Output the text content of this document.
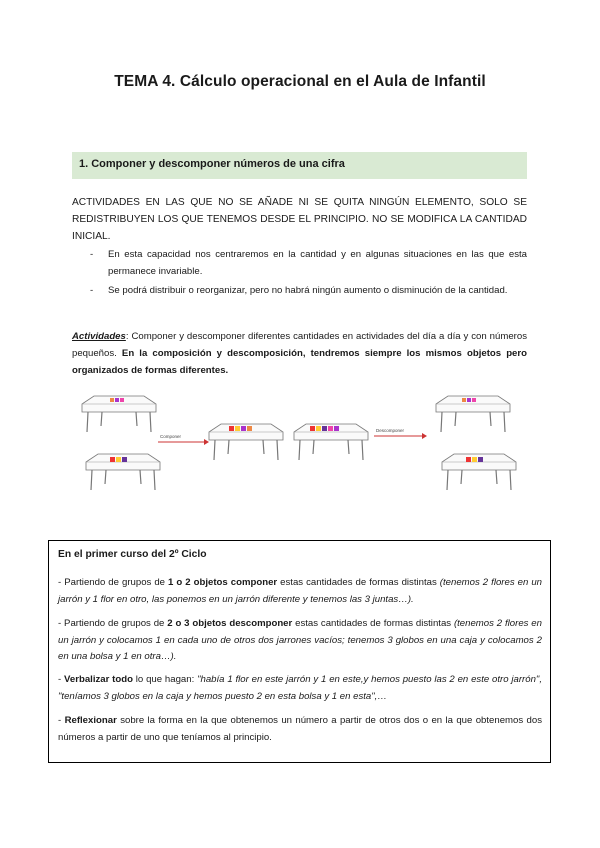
TEMA 4. Cálculo operacional en el Aula de Infantil
1. Componer y descomponer números de una cifra
ACTIVIDADES EN LAS QUE NO SE AÑADE NI SE QUITA NINGÚN ELEMENTO, SOLO SE REDISTRIBUYEN LOS QUE TENEMOS DESDE EL PRINCIPIO. NO SE MODIFICA LA CANTIDAD INICIAL.
- En esta capacidad nos centraremos en la cantidad y en algunas situaciones en las que esta permanece invariable.
- Se podrá distribuir o reorganizar, pero no habrá ningún aumento o disminución de la cantidad.
Actividades: Componer y descomponer diferentes cantidades en actividades del día a día y con números pequeños. En la composición y descomposición, tendremos siempre los mismos objetos pero organizados de formas diferentes.
Componer
Descomponer
En el primer curso del 2º Ciclo
- Partiendo de grupos de 1 o 2 objetos componer estas cantidades de formas distintas (tenemos 2 flores en un jarrón y 1 flor en otro, las ponemos en un jarrón diferente y tenemos las 3 juntas…).
- Partiendo de grupos de 2 o 3 objetos descomponer estas cantidades de formas distintas (tenemos 2 flores en un jarrón y colocamos 1 en cada uno de otros dos jarrones vacíos; tenemos 3 globos en una caja y colocamos 2 en una bolsa y 1 en otra…).
- Verbalizar todo lo que hagan: "había 1 flor en este jarrón y 1 en este,y hemos puesto las 2 en este otro jarrón", "teníamos 3 globos en la caja y hemos puesto 2 en esta bolsa y 1 en esta",…
- Reflexionar sobre la forma en la que obtenemos un número a partir de otros dos o en la que obtenemos dos números a partir de uno que teníamos al principio.
